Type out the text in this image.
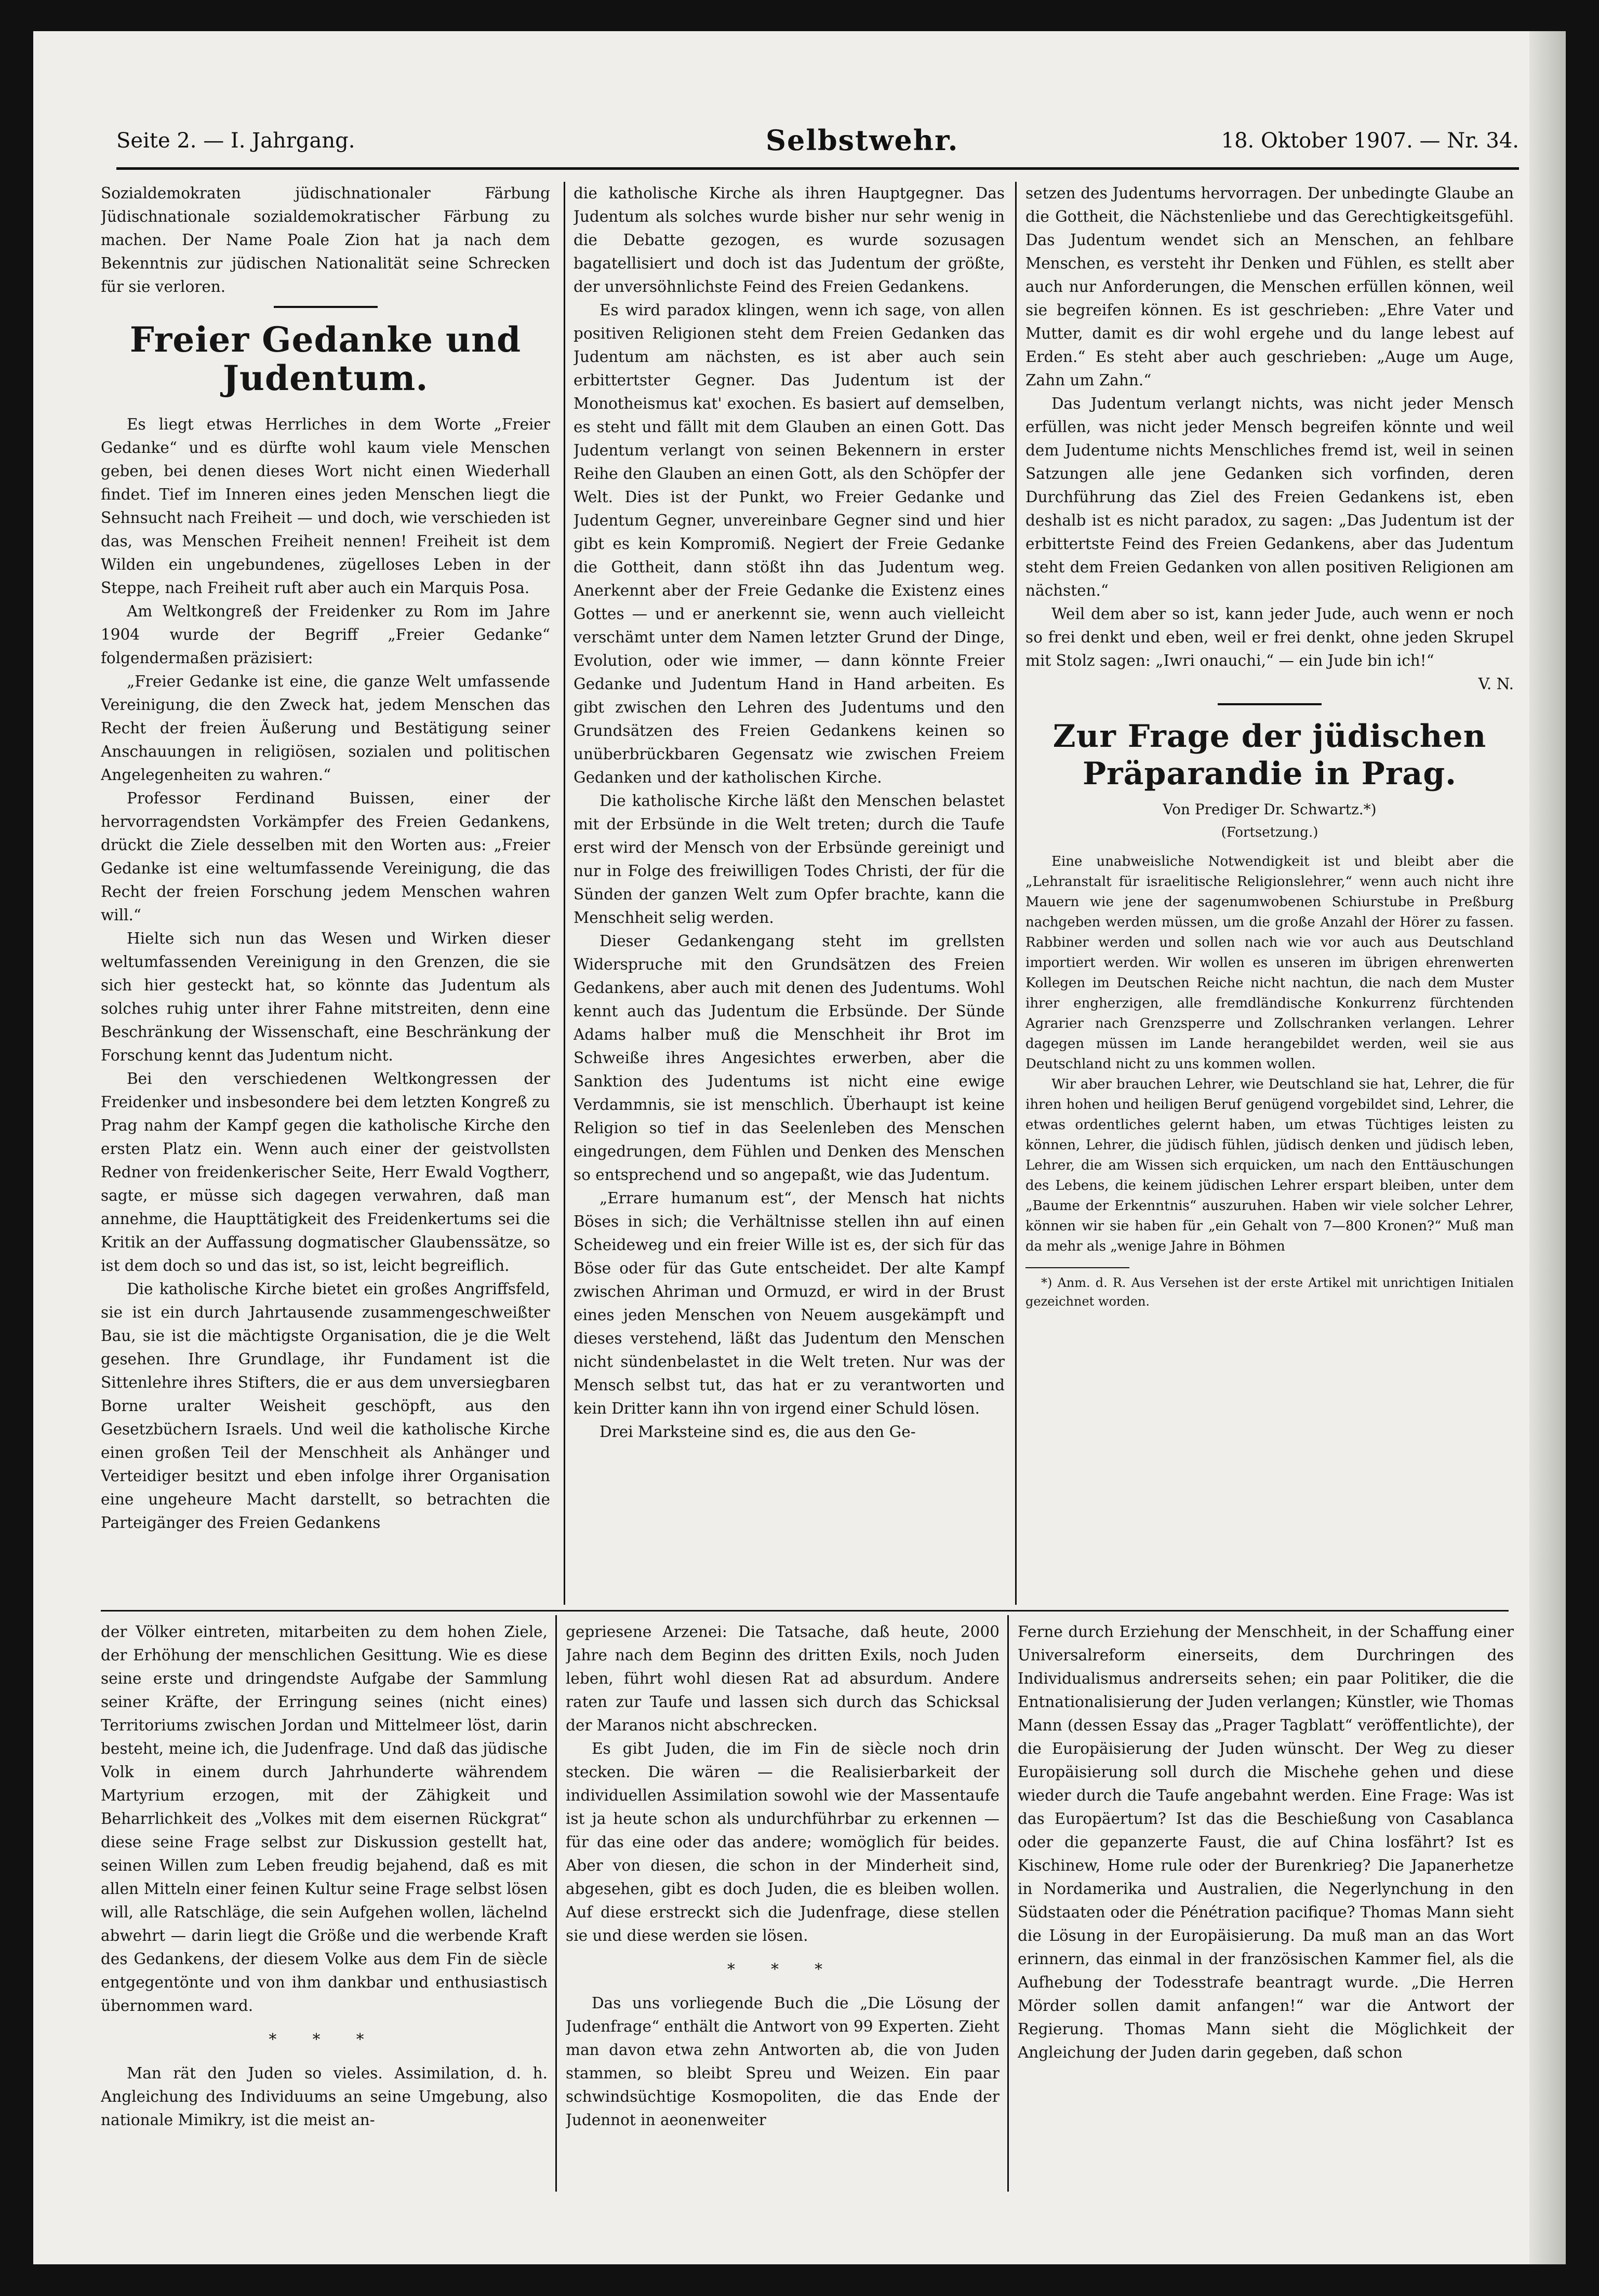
Seite 2. — I. Jahrgang.	Selbstwehr.	18. Oktober 1907. — Nr. 34.

Sozialdemokraten jüdischnationaler Färbung Jüdischnationale sozialdemokratischer Färbung zu machen. Der Name Poale Zion hat ja nach dem Bekenntnis zur jüdischen Nationalität seine Schrecken für sie verloren.

Freier Gedanke und Judentum.

Es liegt etwas Herrliches in dem Worte „Freier Gedanke“ und es dürfte wohl kaum viele Menschen geben, bei denen dieses Wort nicht einen Wiederhall findet. Tief im Inneren eines jeden Menschen liegt die Sehnsucht nach Freiheit — und doch, wie verschieden ist das, was Menschen Freiheit nennen! Freiheit ist dem Wilden ein ungebundenes, zügelloses Leben in der Steppe, nach Freiheit ruft aber auch ein Marquis Posa.

Am Weltkongreß der Freidenker zu Rom im Jahre 1904 wurde der Begriff „Freier Gedanke“ folgendermaßen präzisiert:

„Freier Gedanke ist eine, die ganze Welt umfassende Vereinigung, die den Zweck hat, jedem Menschen das Recht der freien Äußerung und Bestätigung seiner Anschauungen in religiösen, sozialen und politischen Angelegenheiten zu wahren.“

Professor Ferdinand Buissen, einer der hervorragendsten Vorkämpfer des Freien Gedankens, drückt die Ziele desselben mit den Worten aus: „Freier Gedanke ist eine weltumfassende Vereinigung, die das Recht der freien Forschung jedem Menschen wahren will.“

Hielte sich nun das Wesen und Wirken dieser weltumfassenden Vereinigung in den Grenzen, die sie sich hier gesteckt hat, so könnte das Judentum als solches ruhig unter ihrer Fahne mitstreiten, denn eine Beschränkung der Wissenschaft, eine Beschränkung der Forschung kennt das Judentum nicht.

Bei den verschiedenen Weltkongressen der Freidenker und insbesondere bei dem letzten Kongreß zu Prag nahm der Kampf gegen die katholische Kirche den ersten Platz ein. Wenn auch einer der geistvollsten Redner von freidenkerischer Seite, Herr Ewald Vogtherr, sagte, er müsse sich dagegen verwahren, daß man annehme, die Haupttätigkeit des Freidenkertums sei die Kritik an der Auffassung dogmatischer Glaubenssätze, so ist dem doch so und das ist, so ist, leicht begreiflich.

Die katholische Kirche bietet ein großes Angriffsfeld, sie ist ein durch Jahrtausende zusammengeschweißter Bau, sie ist die mächtigste Organisation, die je die Welt gesehen. Ihre Grundlage, ihr Fundament ist die Sittenlehre ihres Stifters, die er aus dem unversiegbaren Borne uralter Weisheit geschöpft, aus den Gesetzbüchern Israels. Und weil die katholische Kirche einen großen Teil der Menschheit als Anhänger und Verteidiger besitzt und eben infolge ihrer Organisation eine ungeheure Macht darstellt, so betrachten die Parteigänger des Freien Gedankens

die katholische Kirche als ihren Hauptgegner. Das Judentum als solches wurde bisher nur sehr wenig in die Debatte gezogen, es wurde sozusagen bagatellisiert und doch ist das Judentum der größte, der unversöhnlichste Feind des Freien Gedankens.

Es wird paradox klingen, wenn ich sage, von allen positiven Religionen steht dem Freien Gedanken das Judentum am nächsten, es ist aber auch sein erbittertster Gegner. Das Judentum ist der Monotheismus kat' exochen. Es basiert auf demselben, es steht und fällt mit dem Glauben an einen Gott. Das Judentum verlangt von seinen Bekennern in erster Reihe den Glauben an einen Gott, als den Schöpfer der Welt. Dies ist der Punkt, wo Freier Gedanke und Judentum Gegner, unvereinbare Gegner sind und hier gibt es kein Kompromiß. Negiert der Freie Gedanke die Gottheit, dann stößt ihn das Judentum weg. Anerkennt aber der Freie Gedanke die Existenz eines Gottes — und er anerkennt sie, wenn auch vielleicht verschämt unter dem Namen letzter Grund der Dinge, Evolution, oder wie immer, — dann könnte Freier Gedanke und Judentum Hand in Hand arbeiten. Es gibt zwischen den Lehren des Judentums und den Grundsätzen des Freien Gedankens keinen so unüberbrückbaren Gegensatz wie zwischen Freiem Gedanken und der katholischen Kirche.

Die katholische Kirche läßt den Menschen belastet mit der Erbsünde in die Welt treten; durch die Taufe erst wird der Mensch von der Erbsünde gereinigt und nur in Folge des freiwilligen Todes Christi, der für die Sünden der ganzen Welt zum Opfer brachte, kann die Menschheit selig werden.

Dieser Gedankengang steht im grellsten Widerspruche mit den Grundsätzen des Freien Gedankens, aber auch mit denen des Judentums. Wohl kennt auch das Judentum die Erbsünde. Der Sünde Adams halber muß die Menschheit ihr Brot im Schweiße ihres Angesichtes erwerben, aber die Sanktion des Judentums ist nicht eine ewige Verdammnis, sie ist menschlich. Überhaupt ist keine Religion so tief in das Seelenleben des Menschen eingedrungen, dem Fühlen und Denken des Menschen so entsprechend und so angepaßt, wie das Judentum.

„Errare humanum est“, der Mensch hat nichts Böses in sich; die Verhältnisse stellen ihn auf einen Scheideweg und ein freier Wille ist es, der sich für das Böse oder für das Gute entscheidet. Der alte Kampf zwischen Ahriman und Ormuzd, er wird in der Brust eines jeden Menschen von Neuem ausgekämpft und dieses verstehend, läßt das Judentum den Menschen nicht sündenbelastet in die Welt treten. Nur was der Mensch selbst tut, das hat er zu verantworten und kein Dritter kann ihn von irgend einer Schuld lösen.

Drei Marksteine sind es, die aus den Ge-

setzen des Judentums hervorragen. Der unbedingte Glaube an die Gottheit, die Nächstenliebe und das Gerechtigkeitsgefühl. Das Judentum wendet sich an Menschen, an fehlbare Menschen, es versteht ihr Denken und Fühlen, es stellt aber auch nur Anforderungen, die Menschen erfüllen können, weil sie begreifen können. Es ist geschrieben: „Ehre Vater und Mutter, damit es dir wohl ergehe und du lange lebest auf Erden.“ Es steht aber auch geschrieben: „Auge um Auge, Zahn um Zahn.“

Das Judentum verlangt nichts, was nicht jeder Mensch erfüllen, was nicht jeder Mensch begreifen könnte und weil dem Judentume nichts Menschliches fremd ist, weil in seinen Satzungen alle jene Gedanken sich vorfinden, deren Durchführung das Ziel des Freien Gedankens ist, eben deshalb ist es nicht paradox, zu sagen: „Das Judentum ist der erbittertste Feind des Freien Gedankens, aber das Judentum steht dem Freien Gedanken von allen positiven Religionen am nächsten.“

Weil dem aber so ist, kann jeder Jude, auch wenn er noch so frei denkt und eben, weil er frei denkt, ohne jeden Skrupel mit Stolz sagen: „Iwri onauchi,“ — ein Jude bin ich!“

V. N.

Zur Frage der jüdischen Präparandie in Prag.

Von Prediger Dr. Schwartz.*)

(Fortsetzung.)

Eine unabweisliche Notwendigkeit ist und bleibt aber die „Lehranstalt für israelitische Religionslehrer,“ wenn auch nicht ihre Mauern wie jene der sagenumwobenen Schiurstube in Preßburg nachgeben werden müssen, um die große Anzahl der Hörer zu fassen. Rabbiner werden und sollen nach wie vor auch aus Deutschland importiert werden. Wir wollen es unseren im übrigen ehrenwerten Kollegen im Deutschen Reiche nicht nachtun, die nach dem Muster ihrer engherzigen, alle fremdländische Konkurrenz fürchtenden Agrarier nach Grenzsperre und Zollschranken verlangen. Lehrer dagegen müssen im Lande herangebildet werden, weil sie aus Deutschland nicht zu uns kommen wollen.

Wir aber brauchen Lehrer, wie Deutschland sie hat, Lehrer, die für ihren hohen und heiligen Beruf genügend vorgebildet sind, Lehrer, die etwas ordentliches gelernt haben, um etwas Tüchtiges leisten zu können, Lehrer, die jüdisch fühlen, jüdisch denken und jüdisch leben, Lehrer, die am Wissen sich erquicken, um nach den Enttäuschungen des Lebens, die keinem jüdischen Lehrer erspart bleiben, unter dem „Baume der Erkenntnis“ auszuruhen. Haben wir viele solcher Lehrer, können wir sie haben für „ein Gehalt von 7—800 Kronen?“ Muß man da mehr als „wenige Jahre in Böhmen

*) Anm. d. R. Aus Versehen ist der erste Artikel mit unrichtigen Initialen gezeichnet worden.

der Völker eintreten, mitarbeiten zu dem hohen Ziele, der Erhöhung der menschlichen Gesittung. Wie es diese seine erste und dringendste Aufgabe der Sammlung seiner Kräfte, der Erringung seines (nicht eines) Territoriums zwischen Jordan und Mittelmeer löst, darin besteht, meine ich, die Judenfrage. Und daß das jüdische Volk in einem durch Jahrhunderte währendem Martyrium erzogen, mit der Zähigkeit und Beharrlichkeit des „Volkes mit dem eisernen Rückgrat“ diese seine Frage selbst zur Diskussion gestellt hat, seinen Willen zum Leben freudig bejahend, daß es mit allen Mitteln einer feinen Kultur seine Frage selbst lösen will, alle Ratschläge, die sein Aufgehen wollen, lächelnd abwehrt — darin liegt die Größe und die werbende Kraft des Gedankens, der diesem Volke aus dem Fin de siècle entgegentönte und von ihm dankbar und enthusiastisch übernommen ward.

* * *

Man rät den Juden so vieles. Assimilation, d. h. Angleichung des Individuums an seine Umgebung, also nationale Mimikry, ist die meist an-

gepriesene Arzenei: Die Tatsache, daß heute, 2000 Jahre nach dem Beginn des dritten Exils, noch Juden leben, führt wohl diesen Rat ad absurdum. Andere raten zur Taufe und lassen sich durch das Schicksal der Maranos nicht abschrecken.

Es gibt Juden, die im Fin de siècle noch drin stecken. Die wären — die Realisierbarkeit der individuellen Assimilation sowohl wie der Massentaufe ist ja heute schon als undurchführbar zu erkennen — für das eine oder das andere; womöglich für beides. Aber von diesen, die schon in der Minderheit sind, abgesehen, gibt es doch Juden, die es bleiben wollen. Auf diese erstreckt sich die Judenfrage, diese stellen sie und diese werden sie lösen.

* * *

Das uns vorliegende Buch die „Die Lösung der Judenfrage“ enthält die Antwort von 99 Experten. Zieht man davon etwa zehn Antworten ab, die von Juden stammen, so bleibt Spreu und Weizen. Ein paar schwindsüchtige Kosmopoliten, die das Ende der Judennot in aeonenweiter

Ferne durch Erziehung der Menschheit, in der Schaffung einer Universalreform einerseits, dem Durchringen des Individualismus andrerseits sehen; ein paar Politiker, die die Entnationalisierung der Juden verlangen; Künstler, wie Thomas Mann (dessen Essay das „Prager Tagblatt“ veröffentlichte), der die Europäisierung der Juden wünscht. Der Weg zu dieser Europäisierung soll durch die Mischehe gehen und diese wieder durch die Taufe angebahnt werden. Eine Frage: Was ist das Europäertum? Ist das die Beschießung von Casablanca oder die gepanzerte Faust, die auf China losfährt? Ist es Kischinew, Home rule oder der Burenkrieg? Die Japanerhetze in Nordamerika und Australien, die Negerlynchung in den Südstaaten oder die Pénétration pacifique? Thomas Mann sieht die Lösung in der Europäisierung. Da muß man an das Wort erinnern, das einmal in der französischen Kammer fiel, als die Aufhebung der Todesstrafe beantragt wurde. „Die Herren Mörder sollen damit anfangen!“ war die Antwort der Regierung. Thomas Mann sieht die Möglichkeit der Angleichung der Juden darin gegeben, daß schon
